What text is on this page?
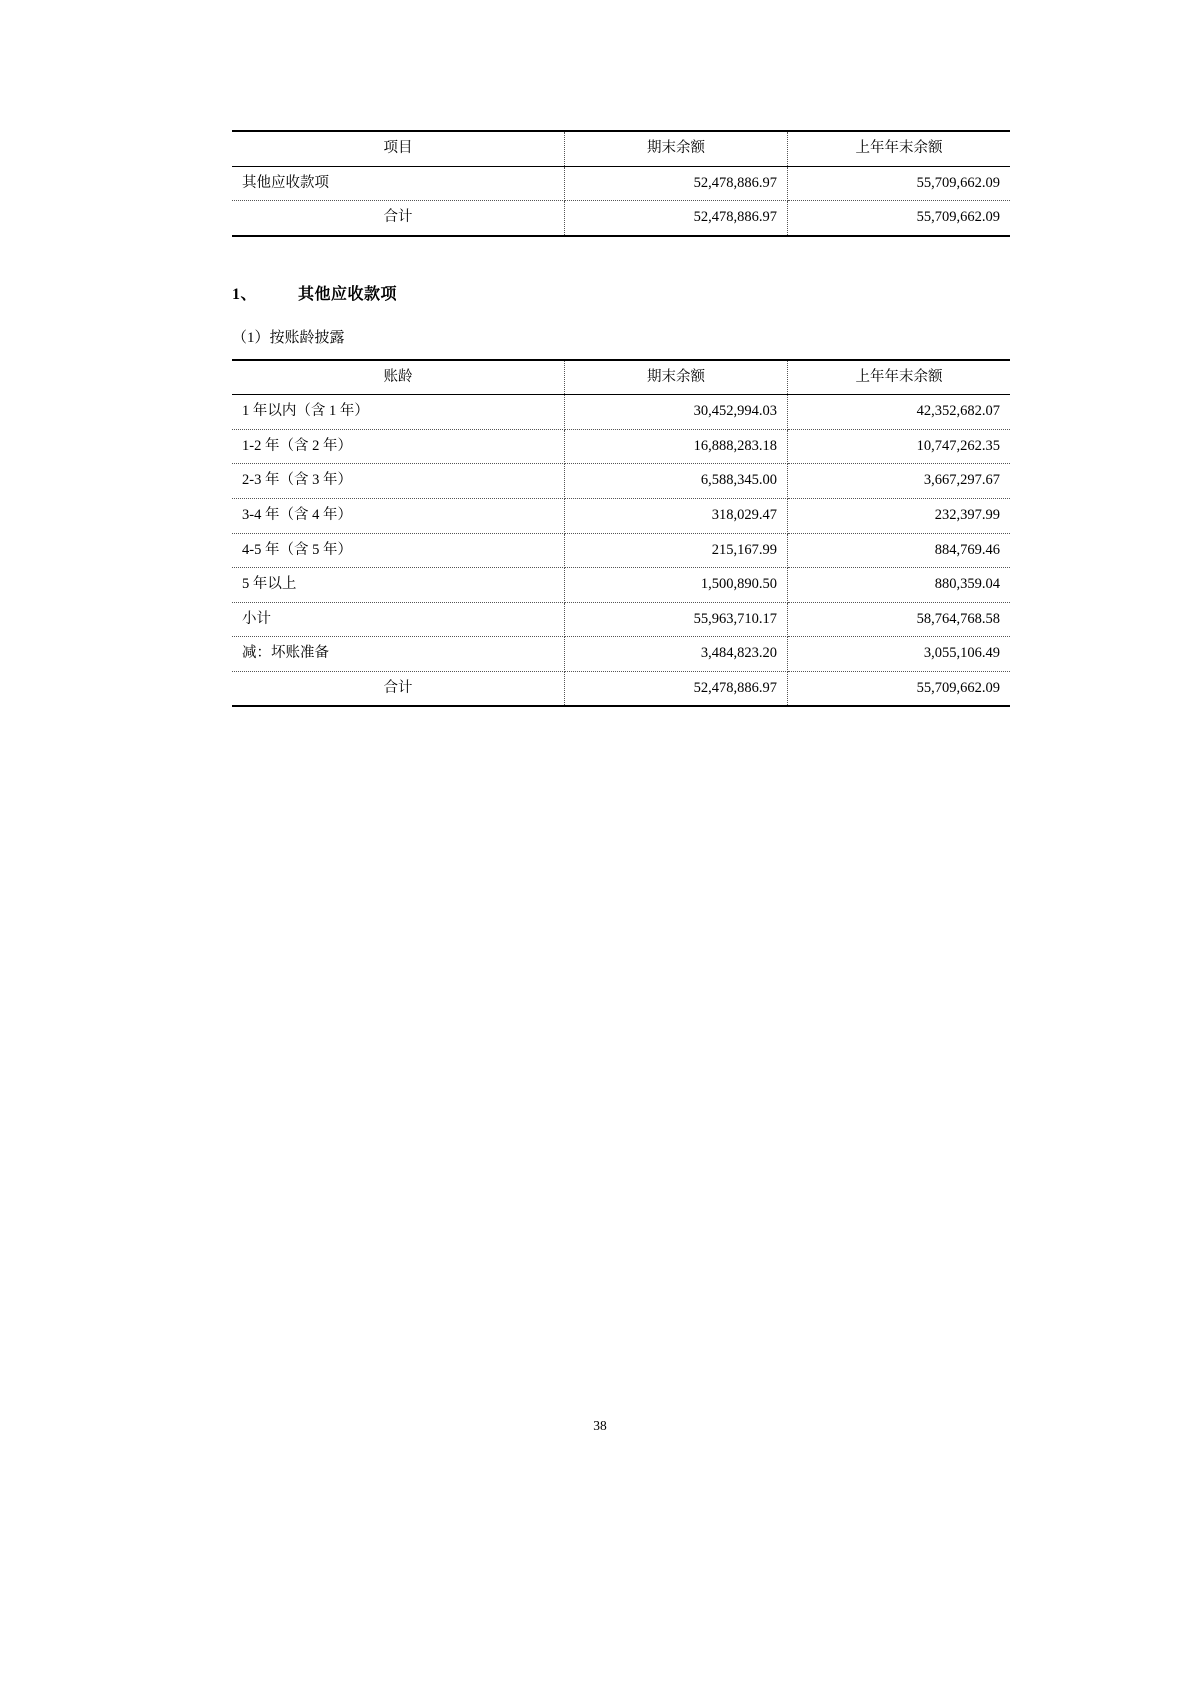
项目	期末余额	上年年末余额
其他应收款项	52,478,886.97	55,709,662.09
合计	52,478,886.97	55,709,662.09
1、	其他应收款项
（1）按账龄披露
账龄	期末余额	上年年末余额
1 年以内（含 1 年）	30,452,994.03	42,352,682.07
1-2 年（含 2 年）	16,888,283.18	10,747,262.35
2-3 年（含 3 年）	6,588,345.00	3,667,297.67
3-4 年（含 4 年）	318,029.47	232,397.99
4-5 年（含 5 年）	215,167.99	884,769.46
5 年以上	1,500,890.50	880,359.04
小计	55,963,710.17	58,764,768.58
减：坏账准备	3,484,823.20	3,055,106.49
合计	52,478,886.97	55,709,662.09
38
